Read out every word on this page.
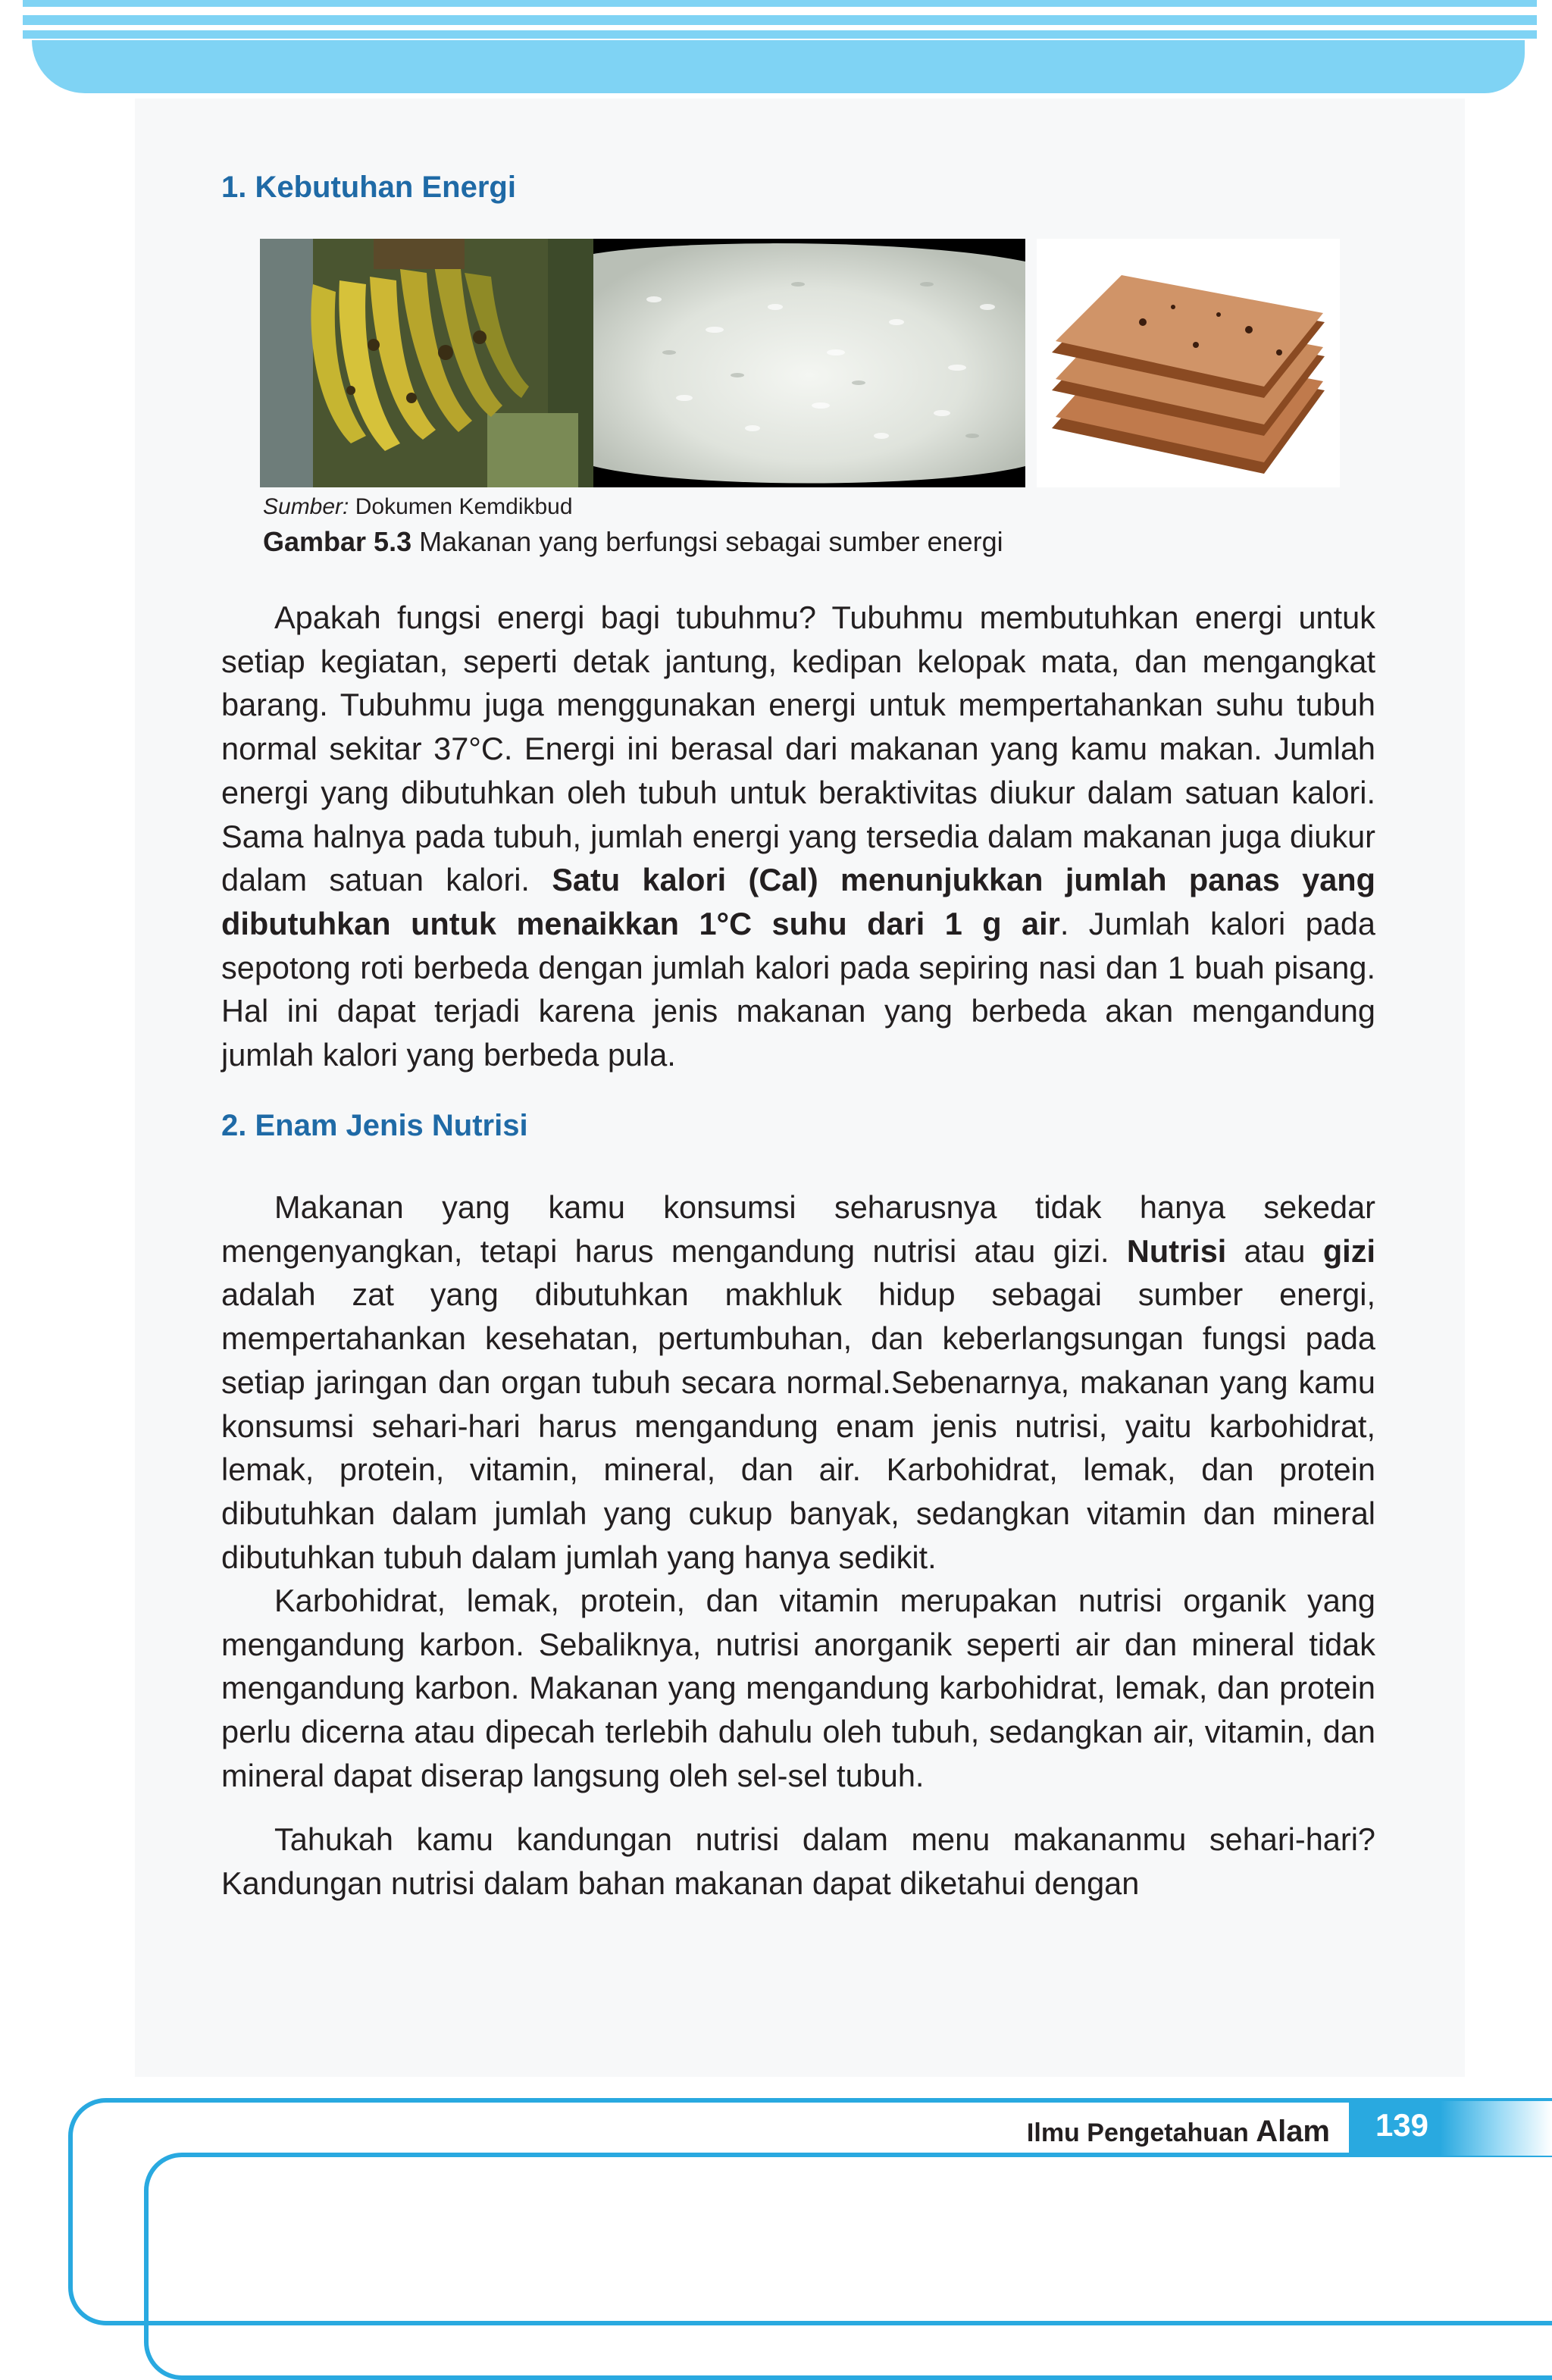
1. Kebutuhan Energi

Sumber: Dokumen Kemdikbud

Gambar 5.3 Makanan yang berfungsi sebagai sumber energi

Apakah fungsi energi bagi tubuhmu? Tubuhmu membutuhkan energi untuk setiap kegiatan, seperti detak jantung, kedipan kelopak mata, dan mengangkat barang. Tubuhmu juga menggunakan energi untuk mempertahankan suhu tubuh normal sekitar 37°C. Energi ini berasal dari makanan yang kamu makan. Jumlah energi yang dibutuhkan oleh tubuh untuk beraktivitas diukur dalam satuan kalori. Sama halnya pada tubuh, jumlah energi yang tersedia dalam makanan juga diukur dalam satuan kalori. Satu kalori (Cal) menunjukkan jumlah panas yang dibutuhkan untuk menaikkan 1°C suhu dari 1 g air. Jumlah kalori pada sepotong roti berbeda dengan jumlah kalori pada sepiring nasi dan 1 buah pisang. Hal ini dapat terjadi karena jenis makanan yang berbeda akan mengandung jumlah kalori yang berbeda pula.

2. Enam Jenis Nutrisi

Makanan yang kamu konsumsi seharusnya tidak hanya sekedar mengenyangkan, tetapi harus mengandung nutrisi atau gizi. Nutrisi atau gizi adalah zat yang dibutuhkan makhluk hidup sebagai sumber energi, mempertahankan kesehatan, pertumbuhan, dan keberlangsungan fungsi pada setiap jaringan dan organ tubuh secara normal.Sebenarnya, makanan yang kamu konsumsi sehari-hari harus mengandung enam jenis nutrisi, yaitu karbohidrat, lemak, protein, vitamin, mineral, dan air. Karbohidrat, lemak, dan protein dibutuhkan dalam jumlah yang cukup banyak, sedangkan vitamin dan mineral dibutuhkan tubuh dalam jumlah yang hanya sedikit.

Karbohidrat, lemak, protein, dan vitamin merupakan nutrisi organik yang mengandung karbon. Sebaliknya, nutrisi anorganik seperti air dan mineral tidak mengandung karbon. Makanan yang mengandung karbohidrat, lemak, dan protein perlu dicerna atau dipecah terlebih dahulu oleh tubuh, sedangkan air, vitamin, dan mineral dapat diserap langsung oleh sel-sel tubuh.

Tahukah kamu kandungan nutrisi dalam menu makananmu sehari-hari? Kandungan nutrisi dalam bahan makanan dapat diketahui dengan

Ilmu Pengetahuan Alam	139
